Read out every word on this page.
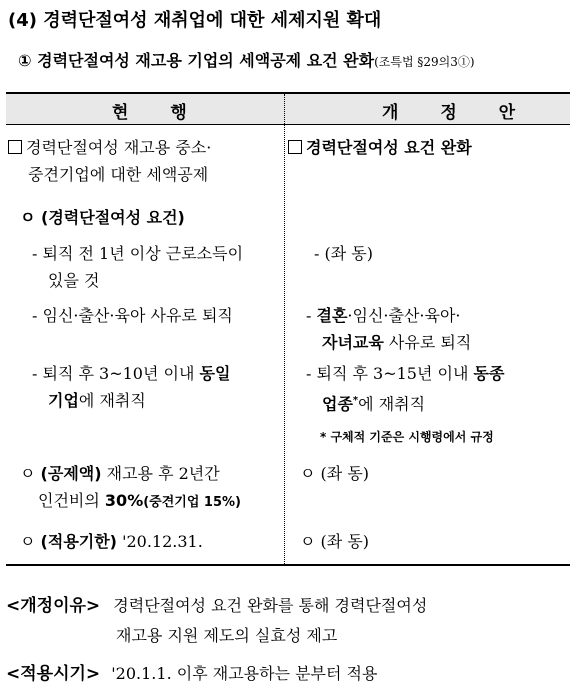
(4) 경력단절여성 재취업에 대한 세제지원 확대
① 경력단절여성 재고용 기업의 세액공제 요건 완화(조특법 §29의3①)
현 행	개 정 안
경력단절여성 재고용 중소·
중견기업에 대한 세액공제
ㅇ (경력단절여성 요건)
- 퇴직 전 1년 이상 근로소득이
있을 것
- 임신·출산·육아 사유로 퇴직
- 퇴직 후 3~10년 이내 동일
기업에 재취직
ㅇ (공제액) 재고용 후 2년간
인건비의 30%(중견기업 15%)
ㅇ (적용기한) '20.12.31.
경력단절여성 요건 완화
- (좌 동)
- 결혼·임신·출산·육아·
자녀교육 사유로 퇴직
- 퇴직 후 3~15년 이내 동종
업종*에 재취직
* 구체적 기준은 시행령에서 규정
ㅇ (좌 동)
ㅇ (좌 동)
<개정이유> 경력단절여성 요건 완화를 통해 경력단절여성
재고용 지원 제도의 실효성 제고
<적용시기> '20.1.1. 이후 재고용하는 분부터 적용
